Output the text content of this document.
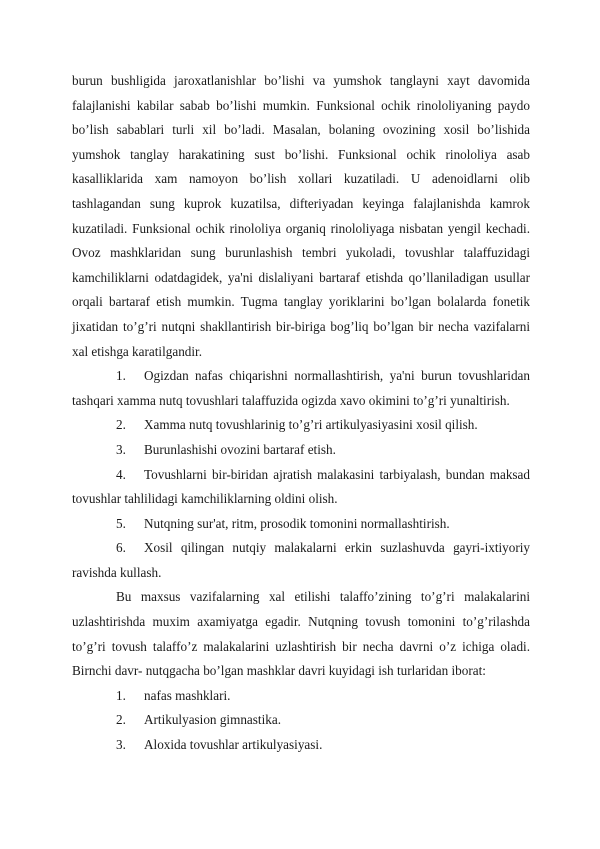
burun bushligida jaroxatlanishlar bo’lishi va yumshok tanglayni xayt davomida falajlanishi kabilar sabab bo’lishi mumkin. Funksional ochik rinololiyaning paydo bo’lish sabablari turli xil bo’ladi. Masalan, bolaning ovozining xosil bo’lishida yumshok tanglay harakatining sust bo’lishi. Funksional ochik rinololiya asab kasalliklarida xam namoyon bo’lish xollari kuzatiladi. U adenoidlarni olib tashlagandan sung kuprok kuzatilsa, difteriyadan keyinga falajlanishda kamrok kuzatiladi. Funksional ochik rinololiya organiq rinololiyaga nisbatan yengil kechadi. Ovoz mashklaridan sung burunlashish tembri yukoladi, tovushlar talaffuzidagi kamchiliklarni odatdagidek, ya'ni dislaliyani bartaraf etishda qo’llaniladigan usullar orqali bartaraf etish mumkin. Tugma tanglay yoriklarini bo’lgan bolalarda fonetik jixatidan to’g’ri nutqni shakllantirish bir-biriga bog’liq bo’lgan bir necha vazifalarni xal etishga karatilgandir.

1. Ogizdan nafas chiqarishni normallashtirish, ya'ni burun tovushlaridan tashqari xamma nutq tovushlari talaffuzida ogizda xavo okimini to’g’ri yunaltirish.

2. Xamma nutq tovushlarinig to’g’ri artikulyasiyasini xosil qilish.

3. Burunlashishi ovozini bartaraf etish.

4. Tovushlarni bir-biridan ajratish malakasini tarbiyalash, bundan maksad tovushlar tahlilidagi kamchiliklarning oldini olish.

5. Nutqning sur'at, ritm, prosodik tomonini normallashtirish.

6. Xosil qilingan nutqiy malakalarni erkin suzlashuvda gayri-ixtiyoriy ravishda kullash.

Bu maxsus vazifalarning xal etilishi talaffo’zining to’g’ri malakalarini uzlashtirishda muxim axamiyatga egadir. Nutqning tovush tomonini to’g’rilashda to’g’ri tovush talaffo’z malakalarini uzlashtirish bir necha davrni o’z ichiga oladi. Birnchi davr- nutqgacha bo’lgan mashklar davri kuyidagi ish turlaridan iborat:

1. nafas mashklari.

2. Artikulyasion gimnastika.

3. Aloxida tovushlar artikulyasiyasi.
